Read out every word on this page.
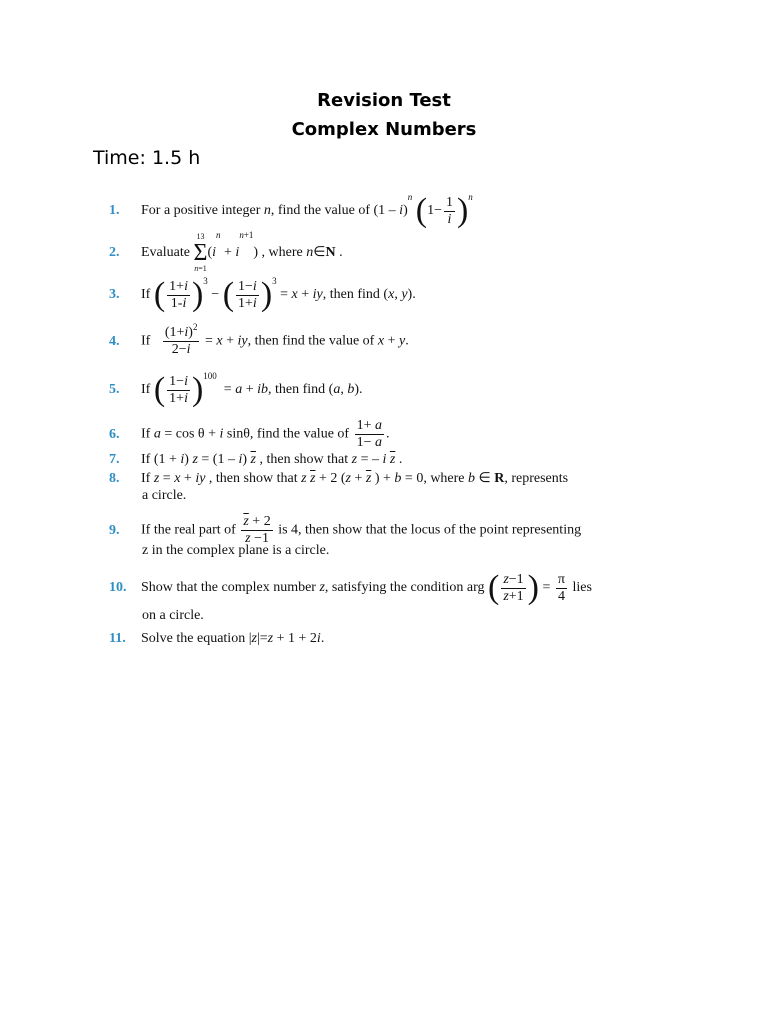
Revision Test
Complex Numbers
Time: 1.5 h
1. For a positive integer n, find the value of (1 – i)$^n$ $(1- \frac{1}{i} )^n$
2. Evaluate
13
Σ
n=1
$(i^n + i^{n+1})$ , where n∈N .
3. If ( $\frac{1+i}{1-i} )^3$ − ( $\frac{1-i}{1+i} )^3 = x$ + iy, then find (x, y).
4. If $\frac{(1+i)^2}{2-i} = x$ + iy, then find the value of x + y.
5. If ( $\frac{1-i}{1+i} )^{100} = a$ + ib, then find (a, b).
6. If a = cos θ + i sinθ, find the value of $\frac{1+ a}{1- a}$ .
7. If (1 + i) z = (1 – i) $\overline{z}$ , then show that z = – i $\overline{z}$ .
8. If z = x + iy , then show that z $\overline{z} + 2$ ($z + \overline{z}$ ) + b = 0, where b ∈ R, represents
a circle.
9. If the real part of $\frac{\overline{z} + 2}{\overline{z} -1}$ is 4, then show that the locus of the point representing
z in the complex plane is a circle.
10. Show that the complex number z, satisfying the condition arg ( $\frac{z-1}{z+1}$ ) = $\frac{\pi}{4}$ lies
on a circle.
11. Solve the equation |z|=z + 1 + 2i.
